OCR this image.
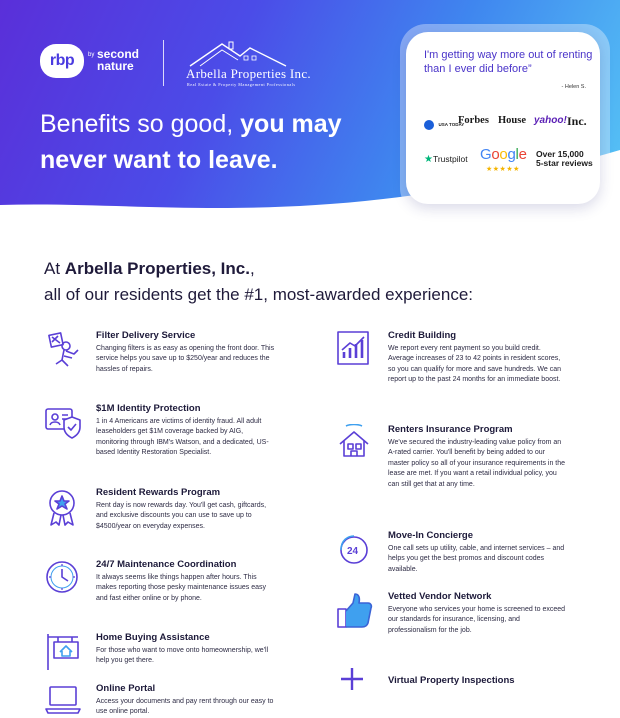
rbp	by second nature	Arbella Properties Inc.
Real Estate & Property Management Professionals
Benefits so good, you may
never want to leave.
I'm getting way more out of renting than I ever did before”
- Helen S.
USA TODAY
Forbes House yahoo! Inc.
★Trustpilot Google
★★★★★
Over 15,000
5-star reviews
At Arbella Properties, Inc.,
all of our residents get the #1, most-awarded experience:
Filter Delivery Service
Changing filters is as easy as opening the front door. This service helps you save up to $250/year and reduces the hassles of repairs.
$1M Identity Protection
1 in 4 Americans are victims of identity fraud. All adult leaseholders get $1M coverage backed by AIG, monitoring through IBM's Watson, and a dedicated, US-based Identity Restoration Specialist.
Resident Rewards Program
Rent day is now rewards day. You'll get cash, giftcards, and exclusive discounts you can use to save up to $4500/year on everyday expenses.
24/7 Maintenance Coordination
It always seems like things happen after hours. This makes reporting those pesky maintenance issues easy and fast either online or by phone.
Home Buying Assistance
For those who want to move onto homeownership, we'll help you get there.
Online Portal
Access your documents and pay rent through our easy to use online portal.
Credit Building
We report every rent payment so you build credit. Average increases of 23 to 42 points in resident scores, so you can qualify for more and save hundreds. We can report up to the past 24 months for an immediate boost.
Renters Insurance Program
We've secured the industry-leading value policy from an A-rated carrier. You'll benefit by being added to our master policy so all of your insurance requirements in the lease are met. If you want a retail individual policy, you can still get that at any time.
24
Move-In Concierge
One call sets up utility, cable, and internet services – and helps you get the best promos and discount codes available.
Vetted Vendor Network
Everyone who services your home is screened to exceed our standards for insurance, licensing, and professionalism for the job.
Virtual Property Inspections
